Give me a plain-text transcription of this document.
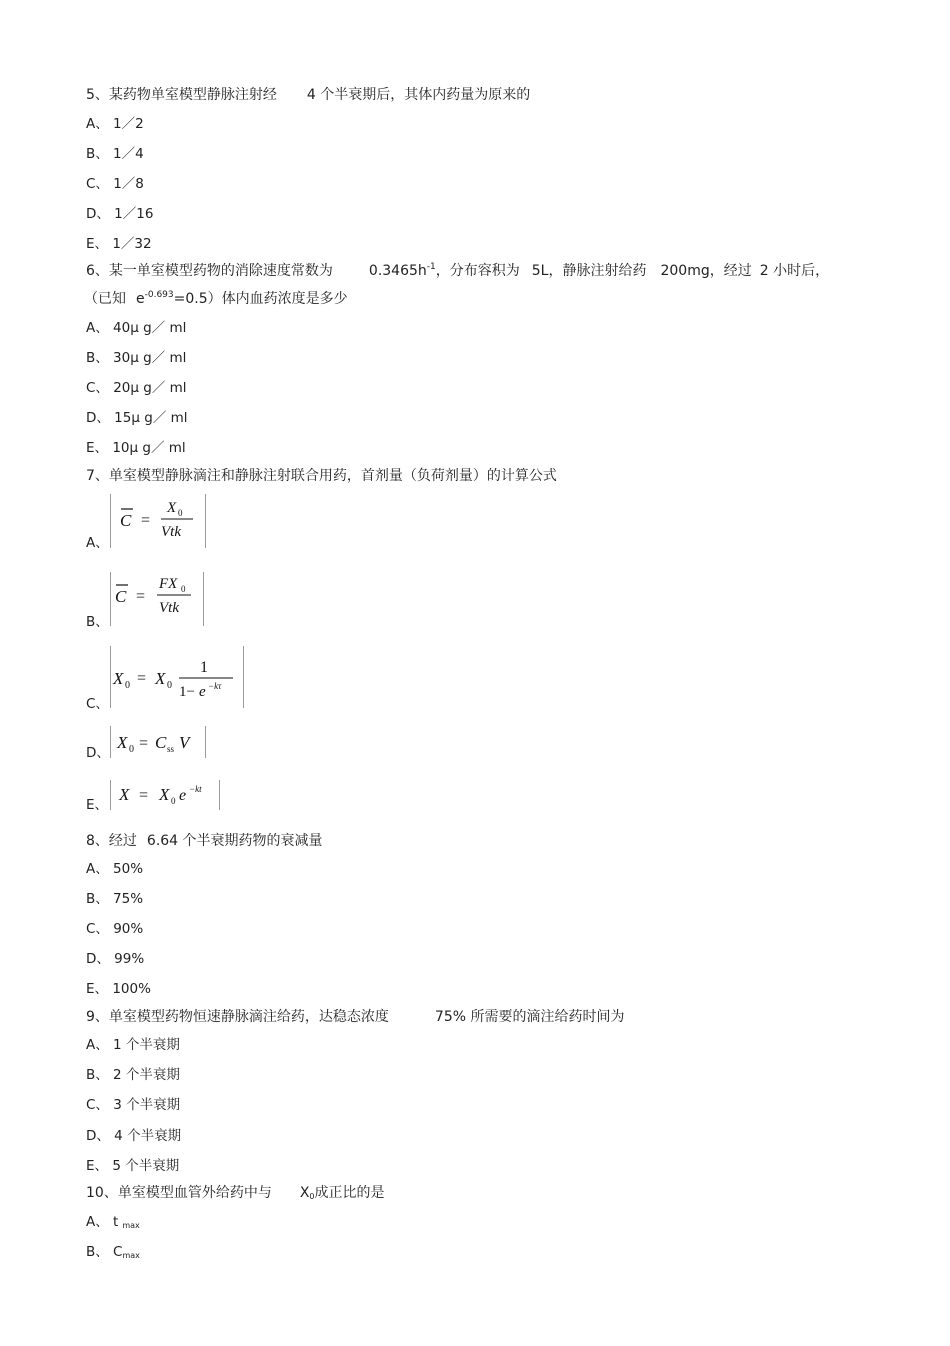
5、某药物单室模型静脉注射经 4 个半衰期后，其体内药量为原来的
A、 1／2
B、 1／4
C、 1／8
D、 1／16
E、 1／32
6、某一单室模型药物的消除速度常数为	$0.3465h^{-1}$，分布容积为 5L，静脉注射给药 200mg，经过 2 小时后，
（已知 $e^{-0.693}=0.5$）体内血药浓度是多少
A、 40μ g／ ml
B、 30μ g／ ml
C、 20μ g／ ml
D、 15μ g／ ml
E、 10μ g／ ml
7、单室模型静脉滴注和静脉注射联合用药，首剂量（负荷剂量）的计算公式
A、
C =
X 0
Vtk
B、
C =
FX 0
Vtk
C、
X 0 = X 0
1
1− e −kτ
D、
X 0 = C ss V
E、
X = X 0 e −kt
8、经过 6.64 个半衰期药物的衰减量
A、 50%
B、 75%
C、 90%
D、 99%
E、 100%
9、单室模型药物恒速静脉滴注给药，达稳态浓度	75% 所需要的滴注给药时间为
A、 1 个半衰期
B、 2 个半衰期
C、 3 个半衰期
D、 4 个半衰期
E、 5 个半衰期
10、单室模型血管外给药中与 $X_0$成正比的是
A、 t $_{max}$
B、 $C_{max}$
